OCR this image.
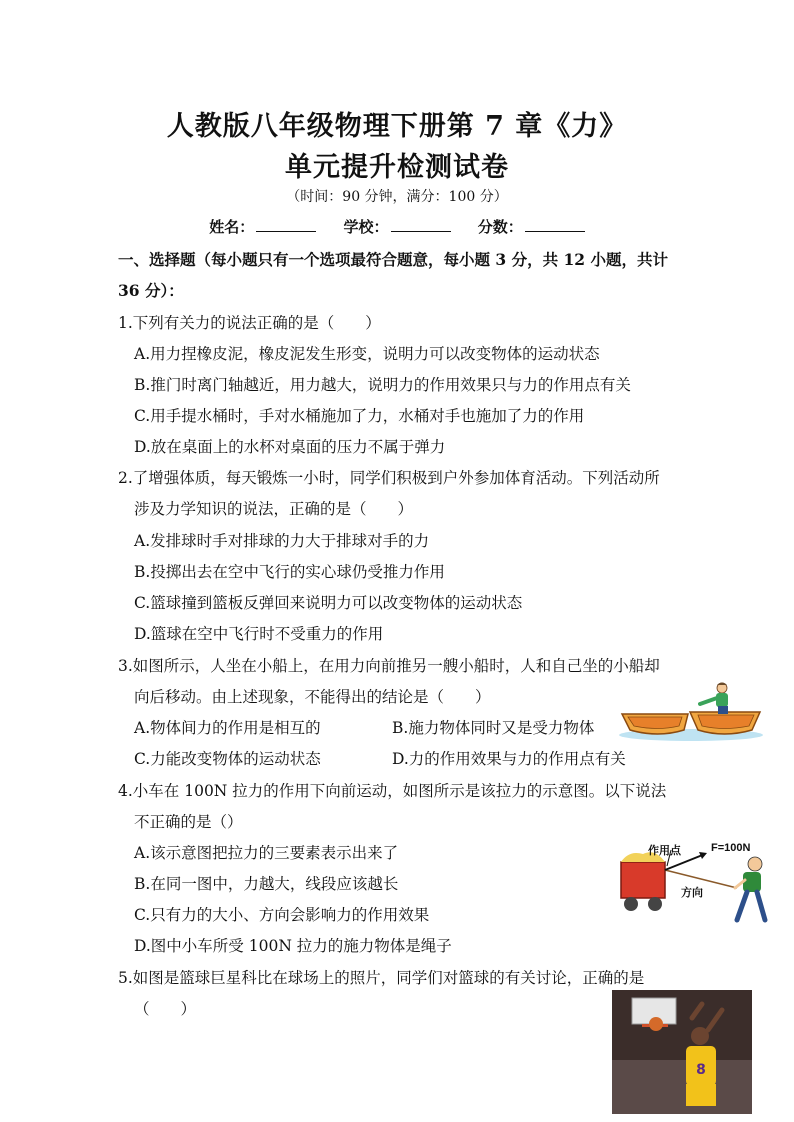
人教版八年级物理下册第 7 章《力》
单元提升检测试卷
（时间：90 分钟，满分：100 分）
姓名：	学校：	分数：
一、选择题（每小题只有一个选项最符合题意，每小题 3 分，共 12 小题，共计
36 分）：
1.下列有关力的说法正确的是（　　）
A.用力捏橡皮泥，橡皮泥发生形变，说明力可以改变物体的运动状态
B.推门时离门轴越近，用力越大，说明力的作用效果只与力的作用点有关
C.用手提水桶时，手对水桶施加了力，水桶对手也施加了力的作用
D.放在桌面上的水杯对桌面的压力不属于弹力
2.了增强体质，每天锻炼一小时，同学们积极到户外参加体育活动。下列活动所
涉及力学知识的说法，正确的是（　　）
A.发排球时手对排球的力大于排球对手的力
B.投掷出去在空中飞行的实心球仍受推力作用
C.篮球撞到篮板反弹回来说明力可以改变物体的运动状态
D.篮球在空中飞行时不受重力的作用
3.如图所示，人坐在小船上，在用力向前推另一艘小船时，人和自己坐的小船却
向后移动。由上述现象，不能得出的结论是（　　）
A.物体间力的作用是相互的	B.施力物体同时又是受力物体
C.力能改变物体的运动状态	D.力的作用效果与力的作用点有关
4.小车在 100N 拉力的作用下向前运动，如图所示是该拉力的示意图。以下说法
不正确的是（）
A.该示意图把拉力的三要素表示出来了
B.在同一图中，力越大，线段应该越长
C.只有力的大小、方向会影响力的作用效果
D.图中小车所受 100N 拉力的施力物体是绳子
作用点	F=100N
方向
5.如图是篮球巨星科比在球场上的照片，同学们对篮球的有关讨论，正确的是
（　　）
8
